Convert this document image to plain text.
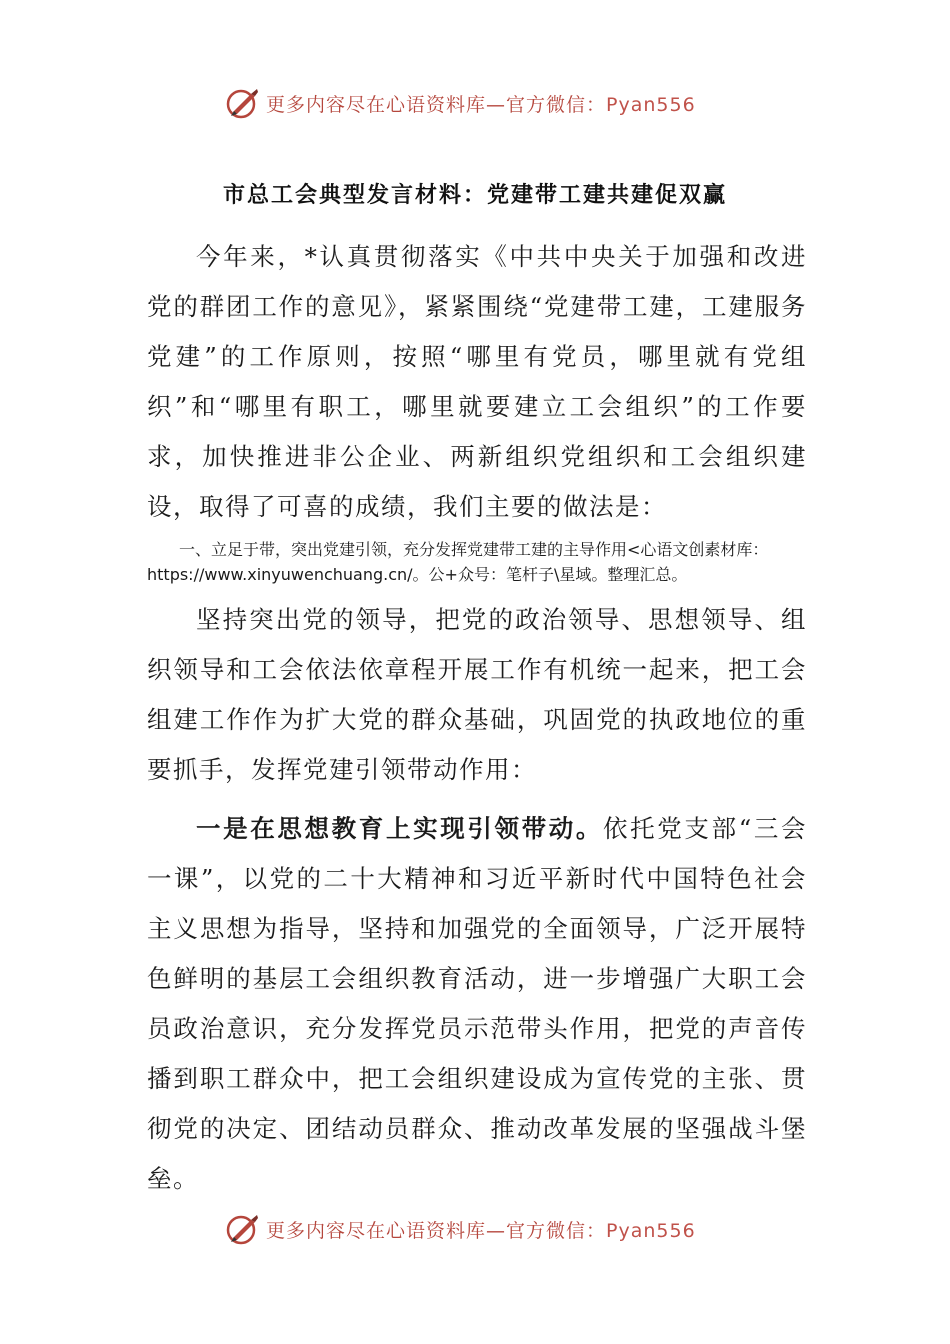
更多内容尽在心语资料库—官方微信：Pyan556
市总工会典型发言材料：党建带工建共建促双赢

今年来，*认真贯彻落实《中共中央关于加强和改进党的群团工作的意见》，紧紧围绕“党建带工建，工建服务党建”的工作原则，按照“哪里有党员，哪里就有党组织”和“哪里有职工，哪里就要建立工会组织”的工作要求，加快推进非公企业、两新组织党组织和工会组织建设，取得了可喜的成绩，我们主要的做法是：

一、立足于带，突出党建引领，充分发挥党建带工建的主导作用<心语文创素材库：https://www.xinyuwenchuang.cn/。公+众号：笔杆子\星域。整理汇总。

坚持突出党的领导，把党的政治领导、思想领导、组织领导和工会依法依章程开展工作有机统一起来，把工会组建工作作为扩大党的群众基础，巩固党的执政地位的重要抓手，发挥党建引领带动作用：

一是在思想教育上实现引领带动。依托党支部“三会一课”，以党的二十大精神和习近平新时代中国特色社会主义思想为指导，坚持和加强党的全面领导，广泛开展特色鲜明的基层工会组织教育活动，进一步增强广大职工会员政治意识，充分发挥党员示范带头作用，把党的声音传播到职工群众中，把工会组织建设成为宣传党的主张、贯彻党的决定、团结动员群众、推动改革发展的坚强战斗堡垒。

更多内容尽在心语资料库—官方微信：Pyan556
